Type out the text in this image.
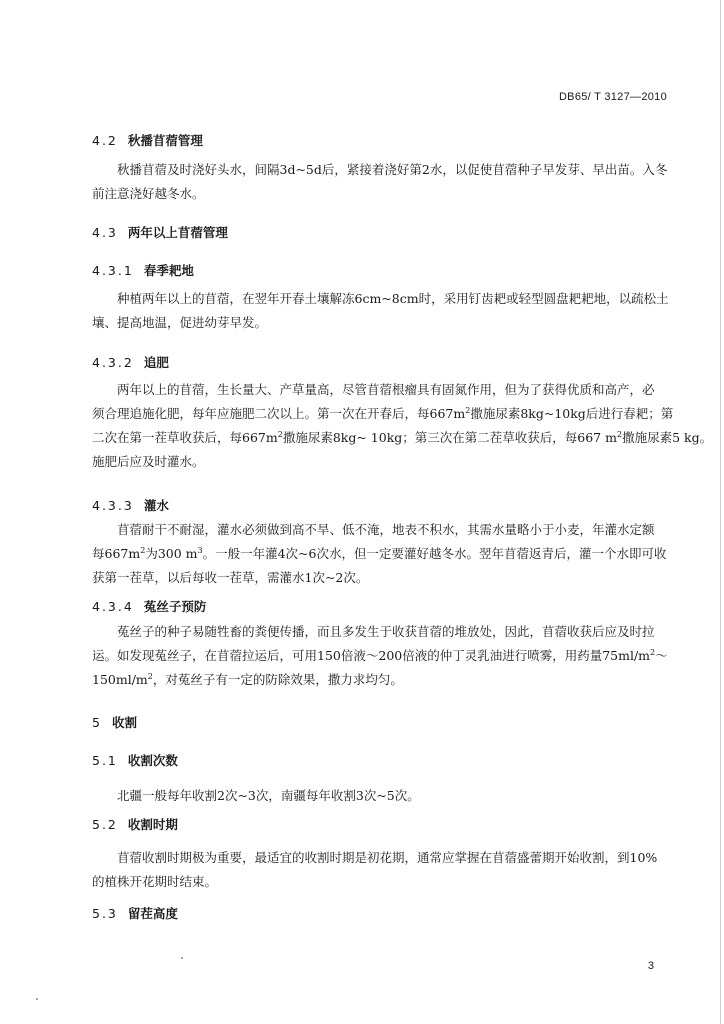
DB65/ T 3127—2010
4.2 秋播苜蓿管理
秋播苜蓿及时浇好头水，间隔3d~5d后，紧接着浇好第2水，以促使苜蓿种子早发芽、早出苗。入冬
前注意浇好越冬水。
4.3 两年以上苜蓿管理
4.3.1 春季耙地
种植两年以上的苜蓿，在翌年开春土壤解冻6cm~8cm时，采用钉齿耙或轻型圆盘耙耙地，以疏松土
壤、提高地温，促进幼芽早发。
4.3.2 追肥
两年以上的苜蓿，生长量大、产草量高，尽管苜蓿根瘤具有固氮作用，但为了获得优质和高产，必
须合理追施化肥，每年应施肥二次以上。第一次在开春后，每$667m^2$撒施尿素8kg~10kg后进行春耙；第
二次在第一茬草收获后，每$667m^2$撒施尿素8kg~ 10kg；第三次在第二茬草收获后，每667 $m^2$撒施尿素5 kg。
施肥后应及时灌水。
4.3.3 灌水
苜蓿耐干不耐湿，灌水必须做到高不旱、低不淹，地表不积水，其需水量略小于小麦，年灌水定额
每$667m^2$为300 $m^3$。一般一年灌4次~6次水，但一定要灌好越冬水。翌年苜蓿返青后，灌一个水即可收
获第一茬草，以后每收一茬草，需灌水1次~2次。
4.3.4 菟丝子预防
菟丝子的种子易随牲畜的粪便传播，而且多发生于收获苜蓿的堆放处，因此，苜蓿收获后应及时拉
运。如发现菟丝子，在苜蓿拉运后，可用150倍液～200倍液的仲丁灵乳油进行喷雾，用药量$75ml/m^2\sim$
$150ml/m^2$，对菟丝子有一定的防除效果，撒力求均匀。
5 收割
5.1 收割次数
北疆一般每年收割2次~3次，南疆每年收割3次~5次。
5.2 收割时期
苜蓿收割时期极为重要，最适宜的收割时期是初花期，通常应掌握在苜蓿盛蕾期开始收割，到10%
的植株开花期时结束。
5.3 留茬高度
3
